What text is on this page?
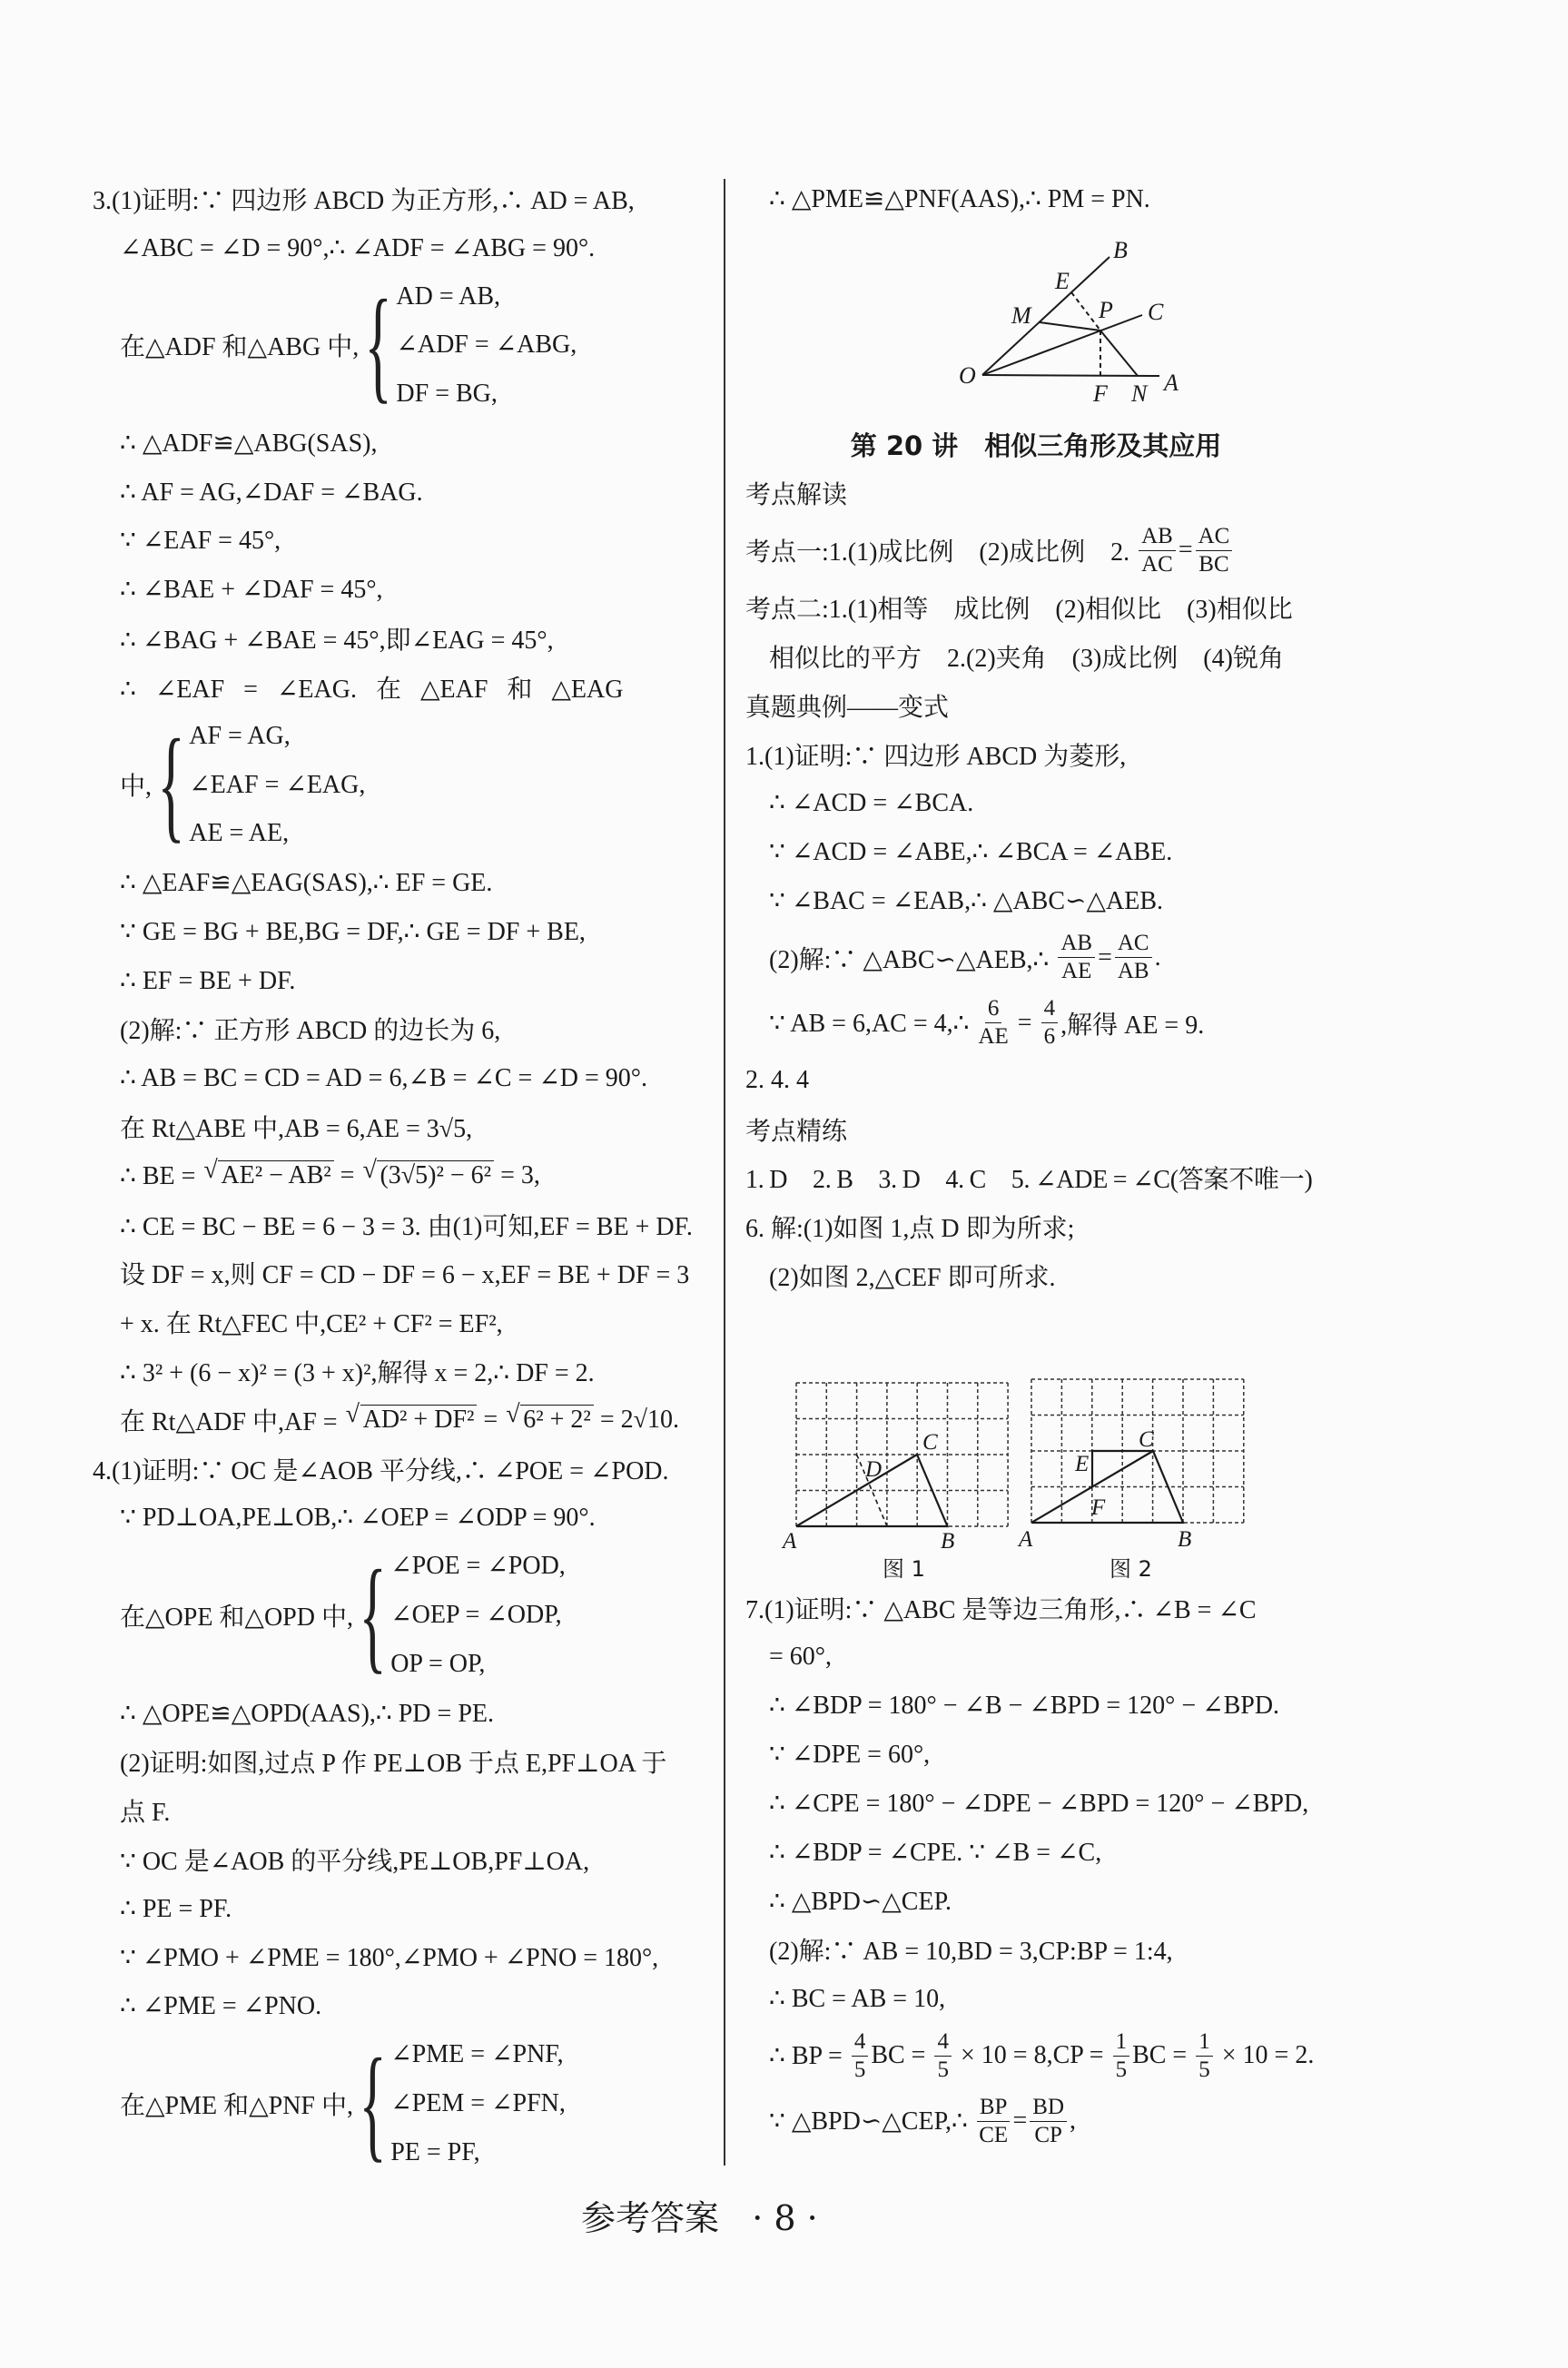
3.(1)证明:∵ 四边形 ABCD 为正方形,∴ AD = AB,
∠ABC = ∠D = 90°,∴ ∠ADF = ∠ABG = 90°.
在△ADF 和△ABG 中, { AD = AB,
∠ADF = ∠ABG,
DF = BG,
∴ △ADF≌△ABG(SAS),
∴ AF = AG,∠DAF = ∠BAG.
∵ ∠EAF = 45°,
∴ ∠BAE + ∠DAF = 45°,
∴ ∠BAG + ∠BAE = 45°,即∠EAG = 45°,
∴   ∠EAF   =   ∠EAG.   在   △EAF   和   △EAG
中, { AF = AG,
∠EAF = ∠EAG,
AE = AE,
∴ △EAF≌△EAG(SAS),∴ EF = GE.
∵ GE = BG + BE,BG = DF,∴ GE = DF + BE,
∴ EF = BE + DF.
(2)解:∵ 正方形 ABCD 的边长为 6,
∴ AB = BC = CD = AD = 6,∠B = ∠C = ∠D = 90°.
在 Rt△ABE 中,AB = 6,AE = 3√5,
∴ BE = √ AE² − AB² = √ (3√5)² − 6² = 3,
∴ CE = BC − BE = 6 − 3 = 3. 由(1)可知,EF = BE + DF.
设 DF = x,则 CF = CD − DF = 6 − x,EF = BE + DF = 3
+ x. 在 Rt△FEC 中,CE² + CF² = EF²,
∴ 3² + (6 − x)² = (3 + x)²,解得 x = 2,∴ DF = 2.
在 Rt△ADF 中,AF = √ AD² + DF² = √ 6² + 2² = 2√10.
4.(1)证明:∵ OC 是∠AOB 平分线,∴ ∠POE = ∠POD.
∵ PD⊥OA,PE⊥OB,∴ ∠OEP = ∠ODP = 90°.
在△OPE 和△OPD 中, { ∠POE = ∠POD,
∠OEP = ∠ODP,
OP = OP,
∴ △OPE≌△OPD(AAS),∴ PD = PE.
(2)证明:如图,过点 P 作 PE⊥OB 于点 E,PF⊥OA 于
点 F.
∵ OC 是∠AOB 的平分线,PE⊥OB,PF⊥OA,
∴ PE = PF.
∵ ∠PMO + ∠PME = 180°,∠PMO + ∠PNO = 180°,
∴ ∠PME = ∠PNO.
在△PME 和△PNF 中, { ∠PME = ∠PNF,
∠PEM = ∠PFN,
PE = PF,
∴ △PME≌△PNF(AAS),∴ PM = PN.
第 20 讲　相似三角形及其应用
考点解读
考点一:1.(1)成比例　(2)成比例　2. $\frac{AB}{AC} = \frac{AC}{BC}$
考点二:1.(1)相等　成比例　(2)相似比　(3)相似比
相似比的平方　2.(2)夹角　(3)成比例　(4)锐角
真题典例——变式
1.(1)证明:∵ 四边形 ABCD 为菱形,
∴ ∠ACD = ∠BCA.
∵ ∠ACD = ∠ABE,∴ ∠BCA = ∠ABE.
∵ ∠BAC = ∠EAB,∴ △ABC∽△AEB.
(2)解:∵ △ABC∽△AEB,∴ $\frac{AB}{AE} = \frac{AC}{AB}$ .
∵ AB = 6,AC = 4,∴ $\frac{6}{AE} = \frac{4}{6}$ ,解得 AE = 9.
2. 4. 4
考点精练
1. D　2. B　3. D　4. C　5. ∠ADE = ∠C(答案不唯一)
6. 解:(1)如图 1,点 D 即为所求;
(2)如图 2,△CEF 即可所求.
7.(1)证明:∵ △ABC 是等边三角形,∴ ∠B = ∠C
= 60°,
∴ ∠BDP = 180° − ∠B − ∠BPD = 120° − ∠BPD.
∵ ∠DPE = 60°,
∴ ∠CPE = 180° − ∠DPE − ∠BPD = 120° − ∠BPD,
∴ ∠BDP = ∠CPE. ∵ ∠B = ∠C,
∴ △BPD∽△CEP.
(2)解:∵ AB = 10,BD = 3,CP:BP = 1:4,
∴ BC = AB = 10,
∴ BP = $\frac{4}{5}$ BC = $\frac{4}{5} \times 10 = 8,CP = \frac{1}{5}$ BC = $\frac{1}{5} \times 10 = 2$.
∵ △BPD∽△CEP,∴ $\frac{BP}{CE} = \frac{BD}{CP}$ ,
O	A
B
C
E
M	P
F N
A	B
C
D
图 1
A	B
C
E
F
图 2
参考答案 · 8 ·
